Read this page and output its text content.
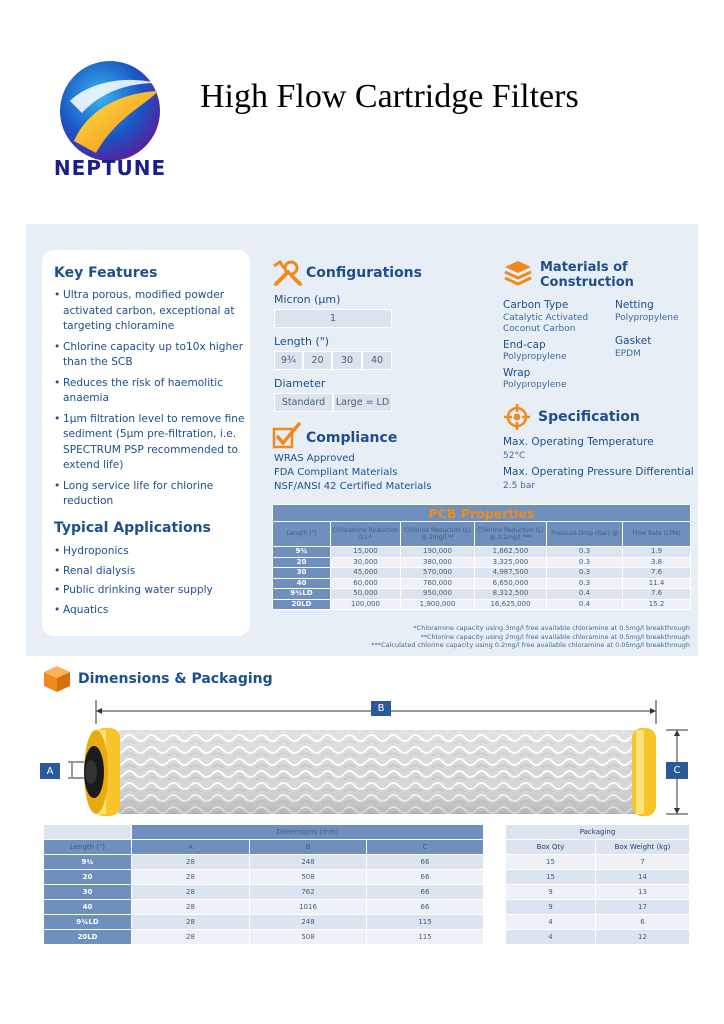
NEPTUNE
High Flow Cartridge Filters
Key Features
• Ultra porous, modified powder activated carbon, exceptional at targeting chloramine
• Chlorine capacity up to10x higher than the SCB
• Reduces the risk of haemolitic anaemia
• 1μm filtration level to remove fine sediment (5μm pre-filtration, i.e. SPECTRUM PSP recommended to extend life)
• Long service life for chlorine reduction
Typical Applications
• Hydroponics
• Renal dialysis
• Public drinking water supply
• Aquatics
Configurations
Micron (μm)
1
Length (")
9¾	20	30	40
Diameter
Standard	Large = LD
Compliance
WRAS Approved
FDA Compliant Materials
NSF/ANSI 42 Certified Materials
Materials of
Construction
Carbon Type
Catalytic Activated
Coconut Carbon
Netting
Polypropylene
End-cap
Polypropylene
Gasket
EPDM
Wrap
Polypropylene
Specification
Max. Operating Temperature
52°C
Max. Operating Pressure Differential
2.5 bar
PCB Properties					
Length (")	Chloramine Reduction (L) *	Chlorine Reduction (L) @ 2mg/l **	Chlorine Reduction (L) @ 0.2mg/l ***	Pressure Drop (Bar) @	Flow Rate (LPM)
9¾	15,000	190,000	1,662,500	0.3	1.9
20	30,000	380,000	3,325,000	0.3	3.8
30	45,000	570,000	4,987,500	0.3	7.6
40	60,000	760,000	6,650,000	0.3	11.4
9¾LD	50,000	950,000	8,312,500	0.4	7.6
20LD	100,000	1,900,000	16,625,000	0.4	15.2
*Chloramine capacity using 3mg/l free available chloramine at 0.5mg/l breakthrough
**Chlorine capacity using 2mg/l free available chloramine at 0.5mg/l breakthrough
***Calculated chlorine capacity using 0.2mg/l free available chloramine at 0.05mg/l breakthrough
Dimensions & Packaging
B
A	C
	Dimensions (mm)		
Length (")	A	B	C
9¾	28	248	66
20	28	508	66
30	28	762	66
40	28	1016	66
9¾LD	28	248	115
20LD	28	508	115
Packaging	
Box Qty	Box Weight (kg)
15	7
15	14
9	13
9	17
4	6
4	12
